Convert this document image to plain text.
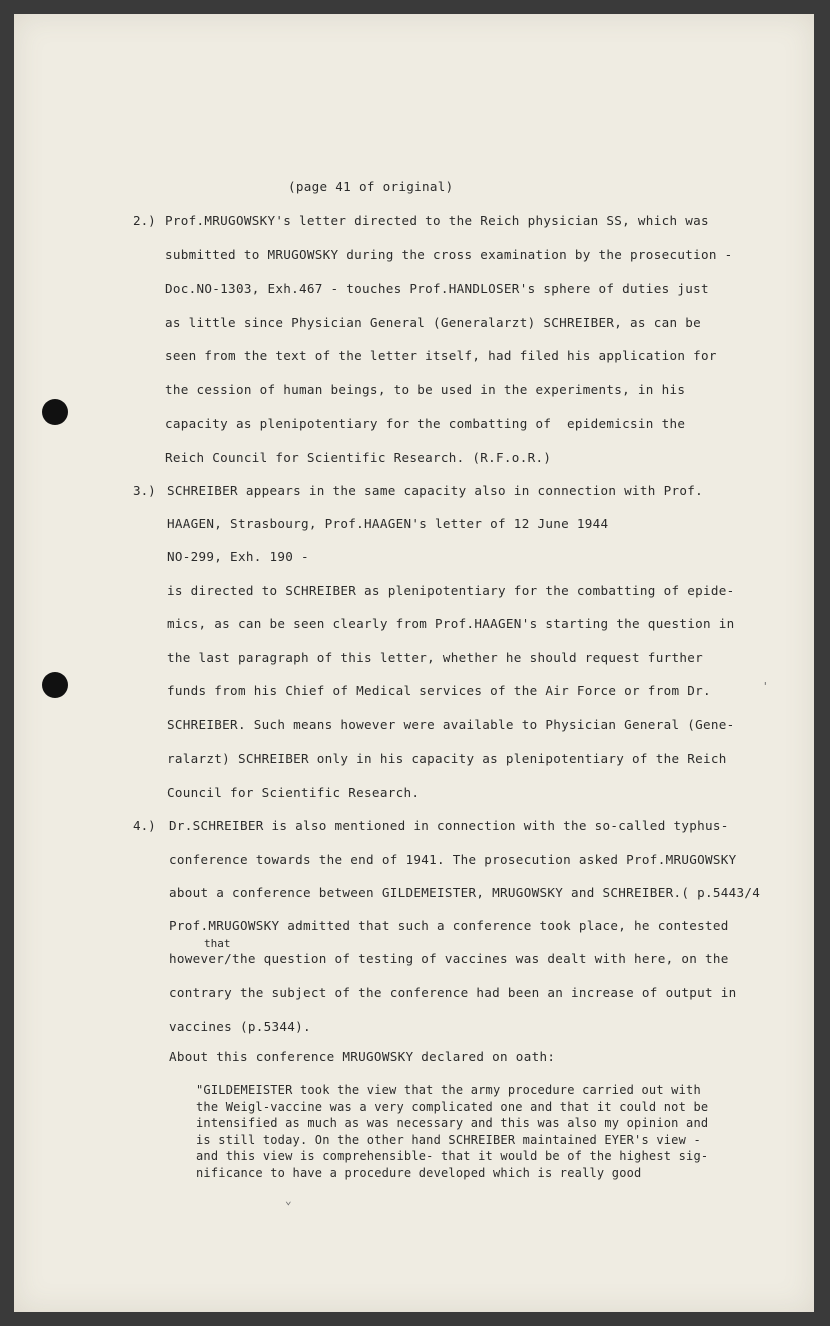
(page 41 of original)
2.) Prof.MRUGOWSKY's letter directed to the Reich physician SS, which was
submitted to MRUGOWSKY during the cross examination by the prosecution -
Doc.NO-1303, Exh.467 - touches Prof.HANDLOSER's sphere of duties just
as little since Physician General (Generalarzt) SCHREIBER, as can be
seen from the text of the letter itself, had filed his application for
the cession of human beings, to be used in the experiments, in his
capacity as plenipotentiary for the combatting of  epidemicsin the
Reich Council for Scientific Research. (R.F.o.R.)
3.) SCHREIBER appears in the same capacity also in connection with Prof.
HAAGEN, Strasbourg, Prof.HAAGEN's letter of 12 June 1944
NO-299, Exh. 190 -
is directed to SCHREIBER as plenipotentiary for the combatting of epide-
mics, as can be seen clearly from Prof.HAAGEN's starting the question in
the last paragraph of this letter, whether he should request further
funds from his Chief of Medical services of the Air Force or from Dr.
SCHREIBER. Such means however were available to Physician General (Gene-
ralarzt) SCHREIBER only in his capacity as plenipotentiary of the Reich
Council for Scientific Research.
4.) Dr.SCHREIBER is also mentioned in connection with the so-called typhus-
conference towards the end of 1941. The prosecution asked Prof.MRUGOWSKY
about a conference between GILDEMEISTER, MRUGOWSKY and SCHREIBER.( p.5443/4
Prof.MRUGOWSKY admitted that such a conference took place, he contested
that
however/the question of testing of vaccines was dealt with here, on the
contrary the subject of the conference had been an increase of output in
vaccines (p.5344).
About this conference MRUGOWSKY declared on oath:
"GILDEMEISTER took the view that the army procedure carried out with
the Weigl-vaccine was a very complicated one and that it could not be
intensified as much as was necessary and this was also my opinion and
is still today. On the other hand SCHREIBER maintained EYER's view -
and this view is comprehensible- that it would be of the highest sig-
nificance to have a procedure developed which is really good
⌄
'
